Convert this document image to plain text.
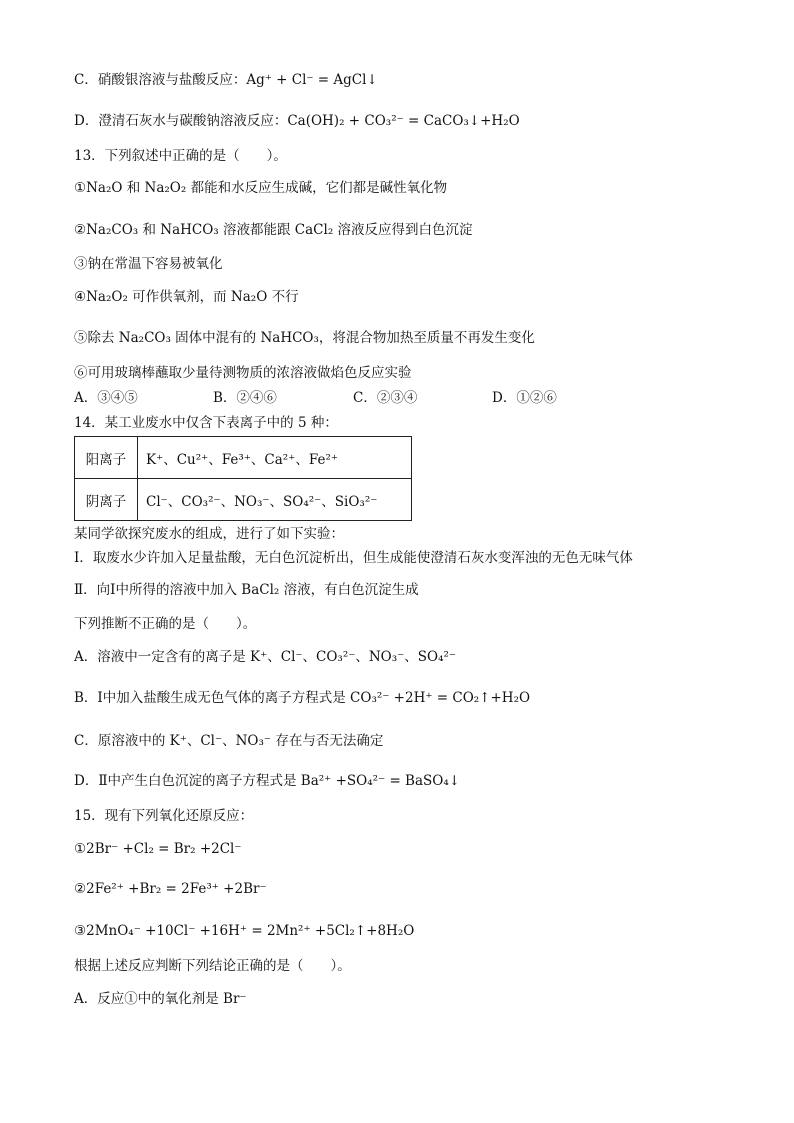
C．硝酸银溶液与盐酸反应：Ag⁺ + Cl⁻ = AgCl↓
D．澄清石灰水与碳酸钠溶液反应：Ca(OH)₂ + CO₃²⁻ = CaCO₃↓+H₂O
13．下列叙述中正确的是（　　）。
①Na₂O 和 Na₂O₂ 都能和水反应生成碱，它们都是碱性氧化物
②Na₂CO₃ 和 NaHCO₃ 溶液都能跟 CaCl₂ 溶液反应得到白色沉淀
③钠在常温下容易被氧化
④Na₂O₂ 可作供氧剂，而 Na₂O 不行
⑤除去 Na₂CO₃ 固体中混有的 NaHCO₃，将混合物加热至质量不再发生变化
⑥可用玻璃棒蘸取少量待测物质的浓溶液做焰色反应实验
A．③④⑤	B．②④⑥	C．②③④	D．①②⑥
14．某工业废水中仅含下表离子中的 5 种：
阳离子	K⁺、Cu²⁺、Fe³⁺、Ca²⁺、Fe²⁺
阴离子	Cl⁻、CO₃²⁻、NO₃⁻、SO₄²⁻、SiO₃²⁻
某同学欲探究废水的组成，进行了如下实验：
Ⅰ．取废水少许加入足量盐酸，无白色沉淀析出，但生成能使澄清石灰水变浑浊的无色无味气体
Ⅱ．向Ⅰ中所得的溶液中加入 BaCl₂ 溶液，有白色沉淀生成
下列推断不正确的是（　　）。
A．溶液中一定含有的离子是 K⁺、Cl⁻、CO₃²⁻、NO₃⁻、SO₄²⁻
B．Ⅰ中加入盐酸生成无色气体的离子方程式是 CO₃²⁻ +2H⁺ = CO₂↑+H₂O
C．原溶液中的 K⁺、Cl⁻、NO₃⁻ 存在与否无法确定
D．Ⅱ中产生白色沉淀的离子方程式是 Ba²⁺ +SO₄²⁻ = BaSO₄↓
15．现有下列氧化还原反应：
①2Br⁻ +Cl₂ = Br₂ +2Cl⁻
②2Fe²⁺ +Br₂ = 2Fe³⁺ +2Br⁻
③2MnO₄⁻ +10Cl⁻ +16H⁺ = 2Mn²⁺ +5Cl₂↑+8H₂O
根据上述反应判断下列结论正确的是（　　）。
A．反应①中的氧化剂是 Br⁻
